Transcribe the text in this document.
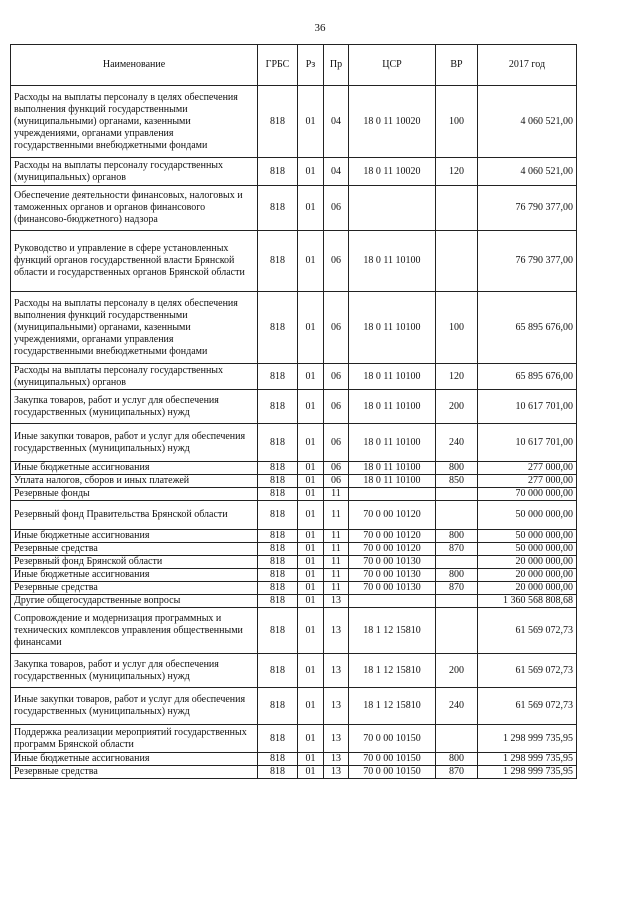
36
Наименование	ГРБС	Рз	Пр	ЦСР	ВР	2017 год
Расходы на выплаты персоналу в целях обеспечения выполнения функций государственными (муниципальными) органами, казенными учреждениями, органами управления государственными внебюджетными фондами	818	01	04	18 0 11 10020	100	4 060 521,00
Расходы на выплаты персоналу государственных (муниципальных) органов	818	01	04	18 0 11 10020	120	4 060 521,00
Обеспечение деятельности финансовых, налоговых и таможенных органов и органов финансового (финансово-бюджетного) надзора	818	01	06			76 790 377,00
Руководство и управление в сфере установленных функций органов государственной власти Брянской области и государственных органов Брянской области	818	01	06	18 0 11 10100		76 790 377,00
Расходы на выплаты персоналу в целях обеспечения выполнения функций государственными (муниципальными) органами, казенными учреждениями, органами управления государственными внебюджетными фондами	818	01	06	18 0 11 10100	100	65 895 676,00
Расходы на выплаты персоналу государственных (муниципальных) органов	818	01	06	18 0 11 10100	120	65 895 676,00
Закупка товаров, работ и услуг для обеспечения государственных (муниципальных) нужд	818	01	06	18 0 11 10100	200	10 617 701,00
Иные закупки товаров, работ и услуг для обеспечения государственных (муниципальных) нужд	818	01	06	18 0 11 10100	240	10 617 701,00
Иные бюджетные ассигнования	818	01	06	18 0 11 10100	800	277 000,00
Уплата налогов, сборов и иных платежей	818	01	06	18 0 11 10100	850	277 000,00
Резервные фонды	818	01	11			70 000 000,00
Резервный фонд Правительства Брянской области	818	01	11	70 0 00 10120		50 000 000,00
Иные бюджетные ассигнования	818	01	11	70 0 00 10120	800	50 000 000,00
Резервные средства	818	01	11	70 0 00 10120	870	50 000 000,00
Резервный фонд Брянской области	818	01	11	70 0 00 10130		20 000 000,00
Иные бюджетные ассигнования	818	01	11	70 0 00 10130	800	20 000 000,00
Резервные средства	818	01	11	70 0 00 10130	870	20 000 000,00
Другие общегосударственные вопросы	818	01	13			1 360 568 808,68
Сопровождение и модернизация программных и технических комплексов управления общественными финансами	818	01	13	18 1 12 15810		61 569 072,73
Закупка товаров, работ и услуг для обеспечения государственных (муниципальных) нужд	818	01	13	18 1 12 15810	200	61 569 072,73
Иные закупки товаров, работ и услуг для обеспечения государственных (муниципальных) нужд	818	01	13	18 1 12 15810	240	61 569 072,73
Поддержка реализации мероприятий государственных программ Брянской области	818	01	13	70 0 00 10150		1 298 999 735,95
Иные бюджетные ассигнования	818	01	13	70 0 00 10150	800	1 298 999 735,95
Резервные средства	818	01	13	70 0 00 10150	870	1 298 999 735,95
